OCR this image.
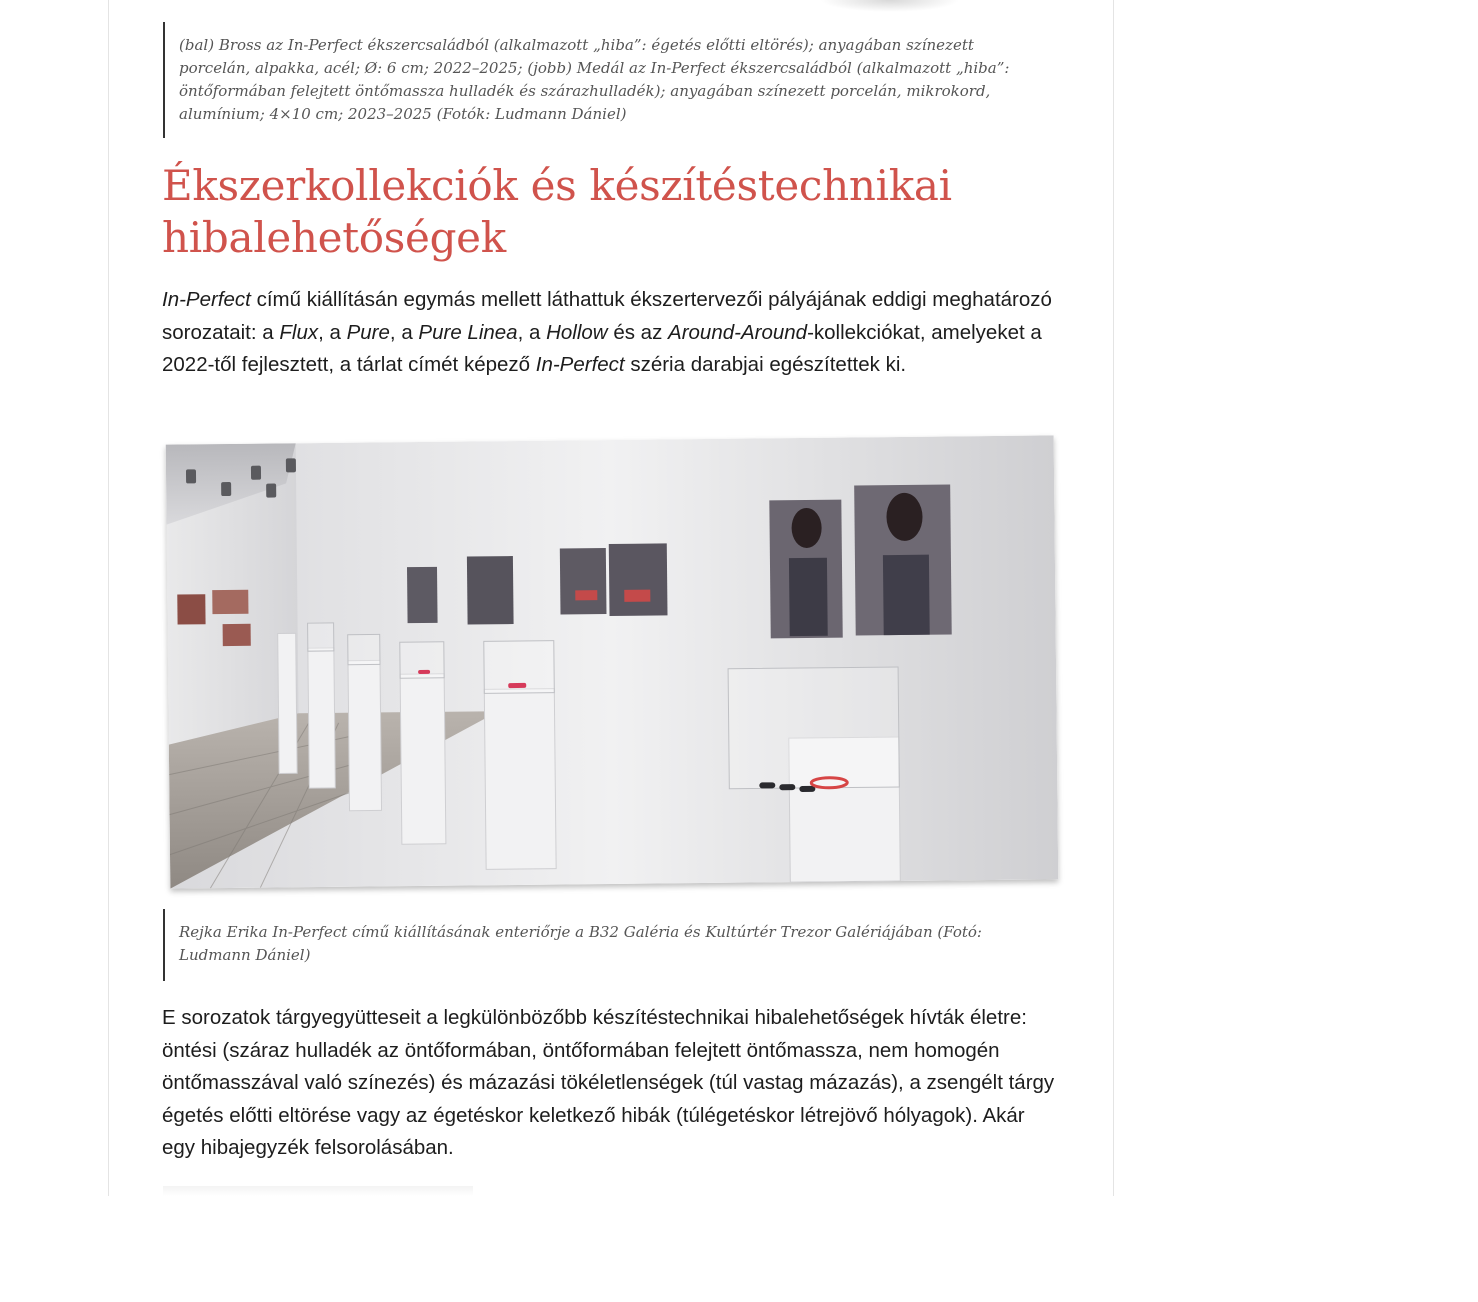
(bal) Bross az In-Perfect ékszercsaládból (alkalmazott „hiba”: égetés előtti eltörés); anyagában színezett porcelán, alpakka, acél; Ø: 6 cm; 2022–2025; (jobb) Medál az In-Perfect ékszercsaládból (alkalmazott „hiba”: öntőformában felejtett öntőmassza hulladék és szárazhulladék); anyagában színezett porcelán, mikrokord, alumínium; 4×10 cm; 2023–2025 (Fotók: Ludmann Dániel)
Ékszerkollekciók és készítéstechnikai hibalehetőségek

In-Perfect című kiállításán egymás mellett láthattuk ékszertervezői pályájának eddigi meghatározó sorozatait: a Flux, a Pure, a Pure Linea, a Hollow és az Around-Around-kollekciókat, amelyeket a 2022-től fejlesztett, a tárlat címét képező In-Perfect széria darabjai egészítettek ki.

Rejka Erika In-Perfect című kiállításának enteriőrje a B32 Galéria és Kultúrtér Trezor Galériájában (Fotó: Ludmann Dániel)

E sorozatok tárgyegyütteseit a legkülönbözőbb készítéstechnikai hibalehetőségek hívták életre: öntési (száraz hulladék az öntőformában, öntőformában felejtett öntőmassza, nem homogén öntőmasszával való színezés) és mázazási tökéletlenségek (túl vastag mázazás), a zsengélt tárgy égetés előtti eltörése vagy az égetéskor keletkező hibák (túlégetéskor létrejövő hólyagok). Akár egy hibajegyzék felsorolásában.
